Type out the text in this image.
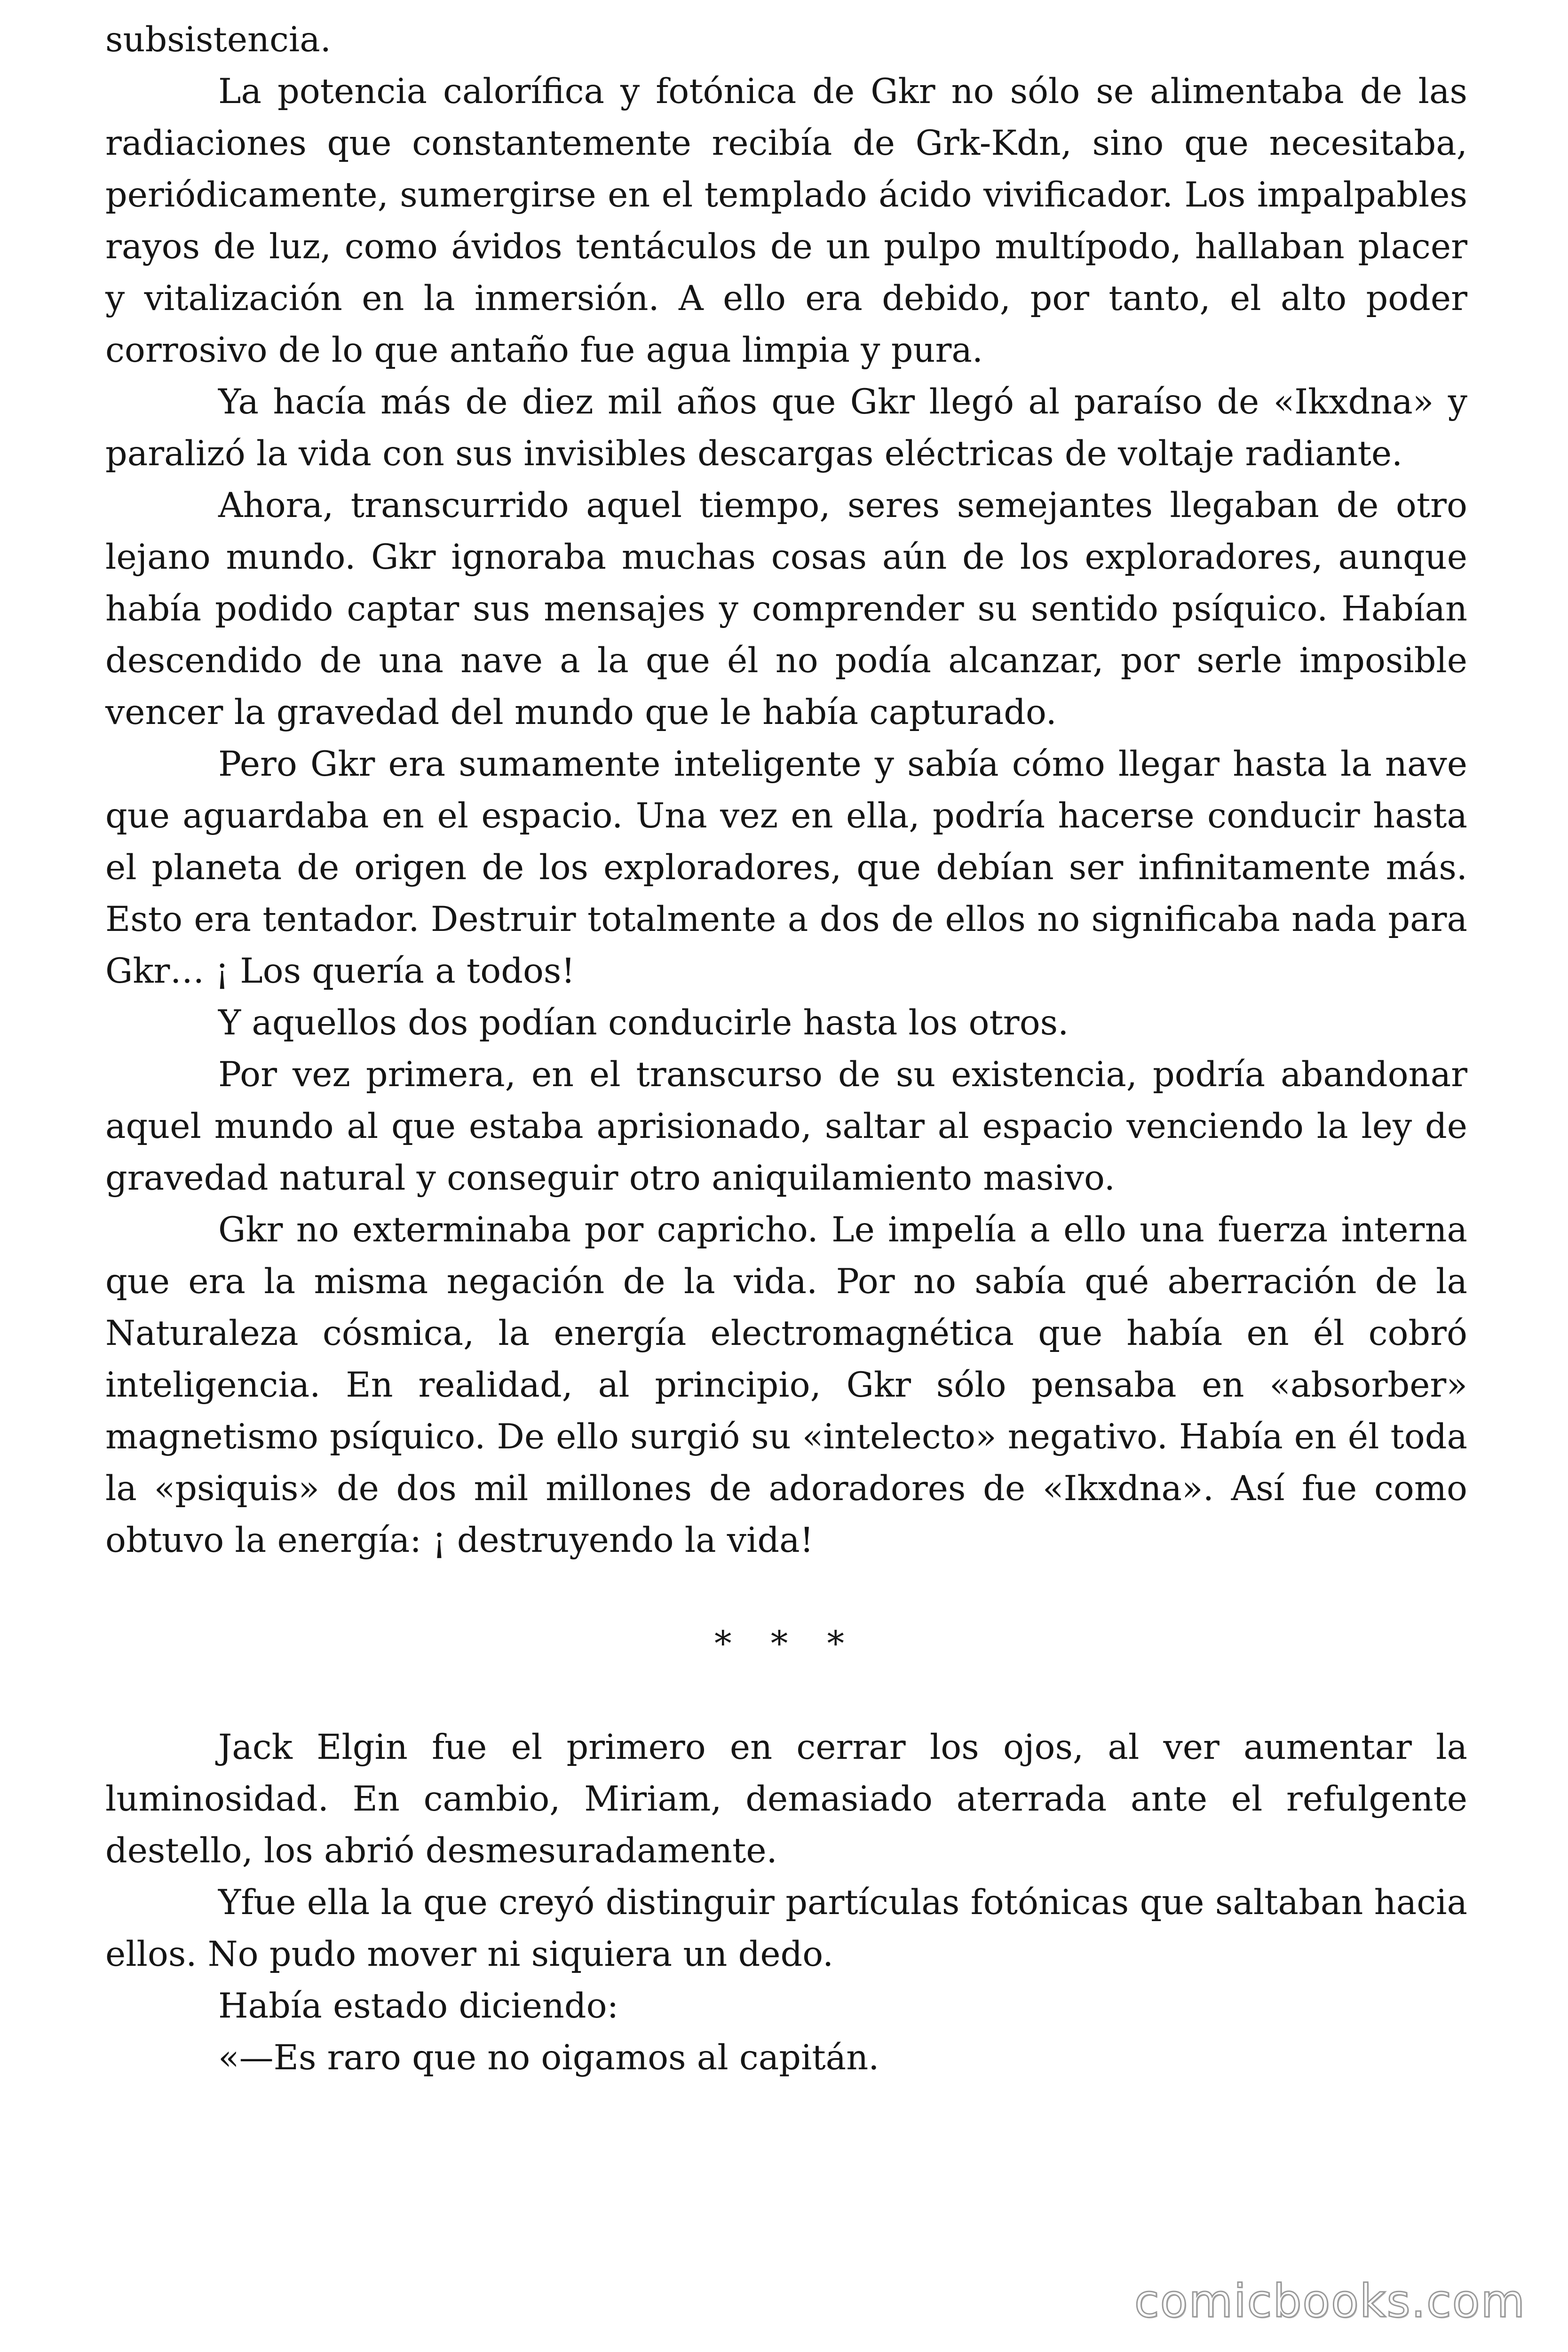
subsistencia.

La potencia calorífica y fotónica de Gkr no sólo se alimentaba de las radiaciones que constantemente recibía de Grk-Kdn, sino que necesitaba, periódicamente, sumergirse en el templado ácido vivificador. Los impalpables rayos de luz, como ávidos tentáculos de un pulpo multípodo, hallaban placer y vitalización en la inmersión. A ello era debido, por tanto, el alto poder corrosivo de lo que antaño fue agua limpia y pura.

Ya hacía más de diez mil años que Gkr llegó al paraíso de «Ikxdna» y paralizó la vida con sus invisibles descargas eléctricas de voltaje radiante.

Ahora, transcurrido aquel tiempo, seres semejantes llegaban de otro lejano mundo. Gkr ignoraba muchas cosas aún de los exploradores, aunque había podido captar sus mensajes y comprender su sentido psíquico. Habían descendido de una nave a la que él no podía alcanzar, por serle imposible vencer la gravedad del mundo que le había capturado.

Pero Gkr era sumamente inteligente y sabía cómo llegar hasta la nave que aguardaba en el espacio. Una vez en ella, podría hacerse conducir hasta el planeta de origen de los exploradores, que debían ser infinitamente más. Esto era tentador. Destruir totalmente a dos de ellos no significaba nada para Gkr… ¡ Los quería a todos!

Y aquellos dos podían conducirle hasta los otros.

Por vez primera, en el transcurso de su existencia, podría abandonar aquel mundo al que estaba aprisionado, saltar al espacio venciendo la ley de gravedad natural y conseguir otro aniquilamiento masivo.

Gkr no exterminaba por capricho. Le impelía a ello una fuerza interna que era la misma negación de la vida. Por no sabía qué aberración de la Naturaleza cósmica, la energía electromagnética que había en él cobró inteligencia. En realidad, al principio, Gkr sólo pensaba en «absorber» magnetismo psíquico. De ello surgió su «intelecto» negativo. Había en él toda la «psiquis» de dos mil millones de adoradores de «Ikxdna». Así fue como obtuvo la energía: ¡ destruyendo la vida!

* * *

Jack Elgin fue el primero en cerrar los ojos, al ver aumentar la luminosidad. En cambio, Miriam, demasiado aterrada ante el refulgente destello, los abrió desmesuradamente.

Yfue ella la que creyó distinguir partículas fotónicas que saltaban hacia ellos. No pudo mover ni siquiera un dedo.

Había estado diciendo:

«—Es raro que no oigamos al capitán.

comicbooks.com
